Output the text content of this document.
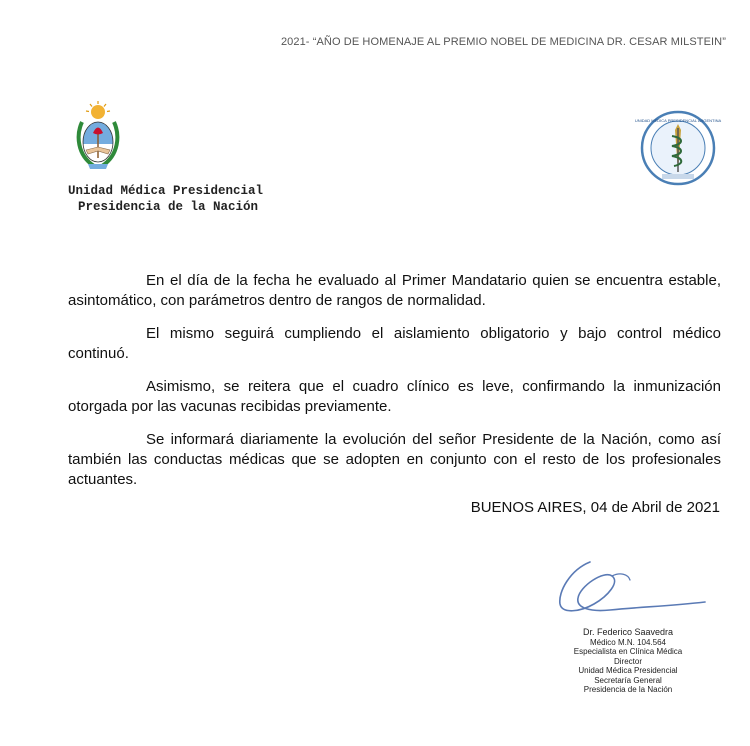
2021- “AÑO DE HOMENAJE AL PREMIO NOBEL DE MEDICINA DR. CESAR MILSTEIN”
UNIDAD MÉDICA PRESIDENCIAL ARGENTINA
Unidad Médica Presidencial
Presidencia de la Nación

En el día de la fecha he evaluado al Primer Mandatario quien se encuentra estable, asintomático, con parámetros dentro de rangos de normalidad.

El mismo seguirá cumpliendo el aislamiento obligatorio y bajo control médico continuó.

Asimismo, se reitera que el cuadro clínico es leve, confirmando la inmunización otorgada por las vacunas recibidas previamente.

Se informará diariamente la evolución del señor Presidente de la Nación, como así también las conductas médicas que se adopten en conjunto con el resto de los profesionales actuantes.

BUENOS AIRES, 04 de Abril de 2021
Dr. Federico Saavedra
Médico M.N. 104.564
Especialista en Clínica Médica
Director
Unidad Médica Presidencial
Secretaría General
Presidencia de la Nación
